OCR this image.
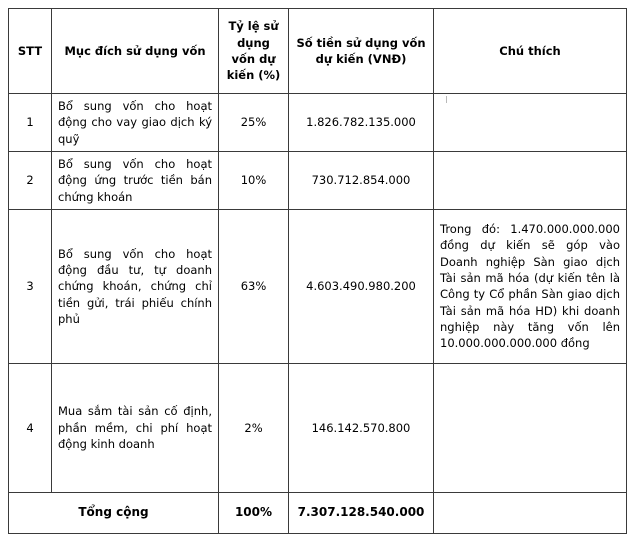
STT	Mục đích sử dụng vốn	Tỷ lệ sử dụng vốn dự kiến (%)	Số tiền sử dụng vốn dự kiến (VNĐ)	Chú thích
1	Bổ sung vốn cho hoạt động cho vay giao dịch ký quỹ	25%	1.826.782.135.000	
2	Bổ sung vốn cho hoạt động ứng trước tiền bán chứng khoán	10%	730.712.854.000	
3	Bổ sung vốn cho hoạt động đầu tư, tự doanh chứng khoán, chứng chỉ tiền gửi, trái phiếu chính phủ	63%	4.603.490.980.200	Trong đó: 1.470.000.000.000 đồng dự kiến sẽ góp vào Doanh nghiệp Sàn giao dịch Tài sản mã hóa (dự kiến tên là Công ty Cổ phần Sàn giao dịch Tài sản mã hóa HD) khi doanh nghiệp này tăng vốn lên 10.000.000.000.000 đồng
4	Mua sắm tài sản cố định, phần mềm, chi phí hoạt động kinh doanh	2%	146.142.570.800	
Tổng cộng		100%	7.307.128.540.000	
